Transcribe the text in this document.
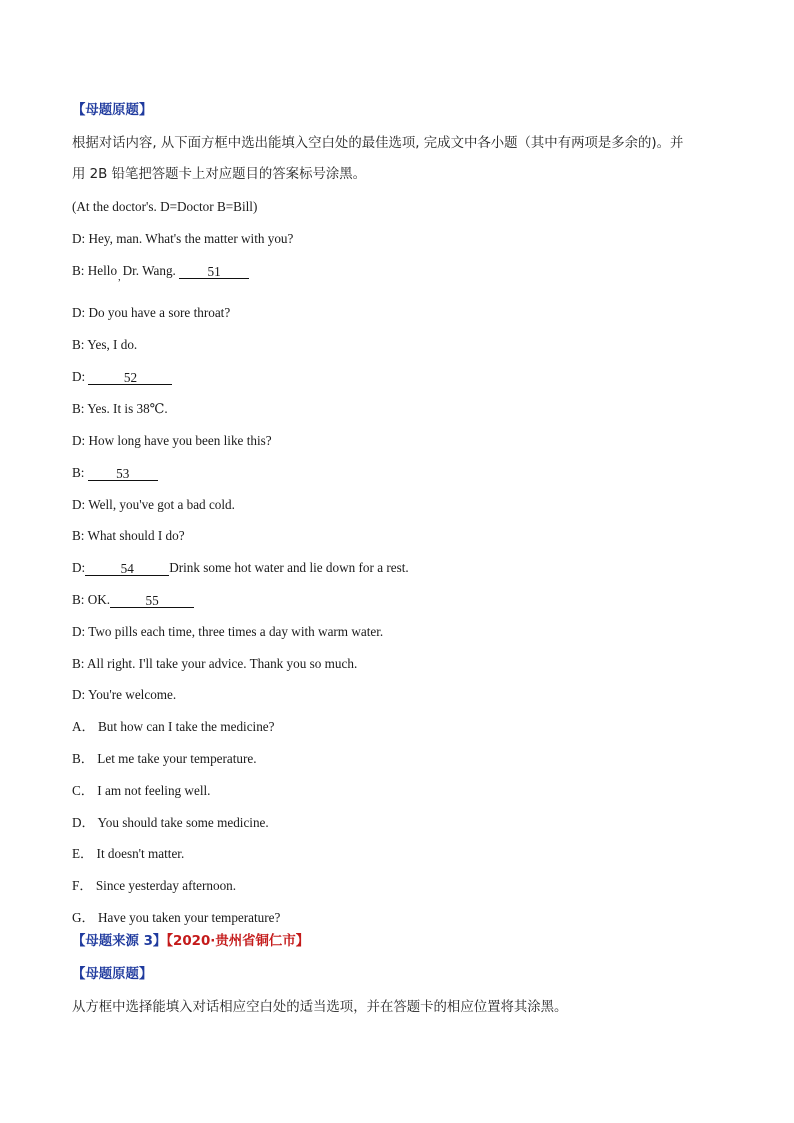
【母题原题】
根据对话内容, 从下面方框中选出能填入空白处的最佳选项, 完成文中各小题（其中有两项是多余的)。并
用 2B 铅笔把答题卡上对应题目的答案标号涂黑。
(At the doctor's. D=Doctor B=Bill)
D: Hey, man. What's the matter with you?
B: Hello$_,$ Dr. Wang. 51
D: Do you have a sore throat?
B: Yes, I do.
D:	52
B: Yes. It is 38℃.
D: How long have you been like this?
B: 53
D: Well, you've got a bad cold.
B: What should I do?
D:	54	Drink some hot water and lie down for a rest.
B: OK.	55
D: Two pills each time, three times a day with warm water.
B: All right. I'll take your advice. Thank you so much.
D: You're welcome.
A． But how can I take the medicine?
B． Let me take your temperature.
C． I am not feeling well.
D． You should take some medicine.
E． It doesn't matter.
F． Since yesterday afternoon.
G． Have you taken your temperature?
【母题来源 3】【2020·贵州省铜仁市】
【母题原题】
从方框中选择能填入对话相应空白处的适当选项，并在答题卡的相应位置将其涂黑。
